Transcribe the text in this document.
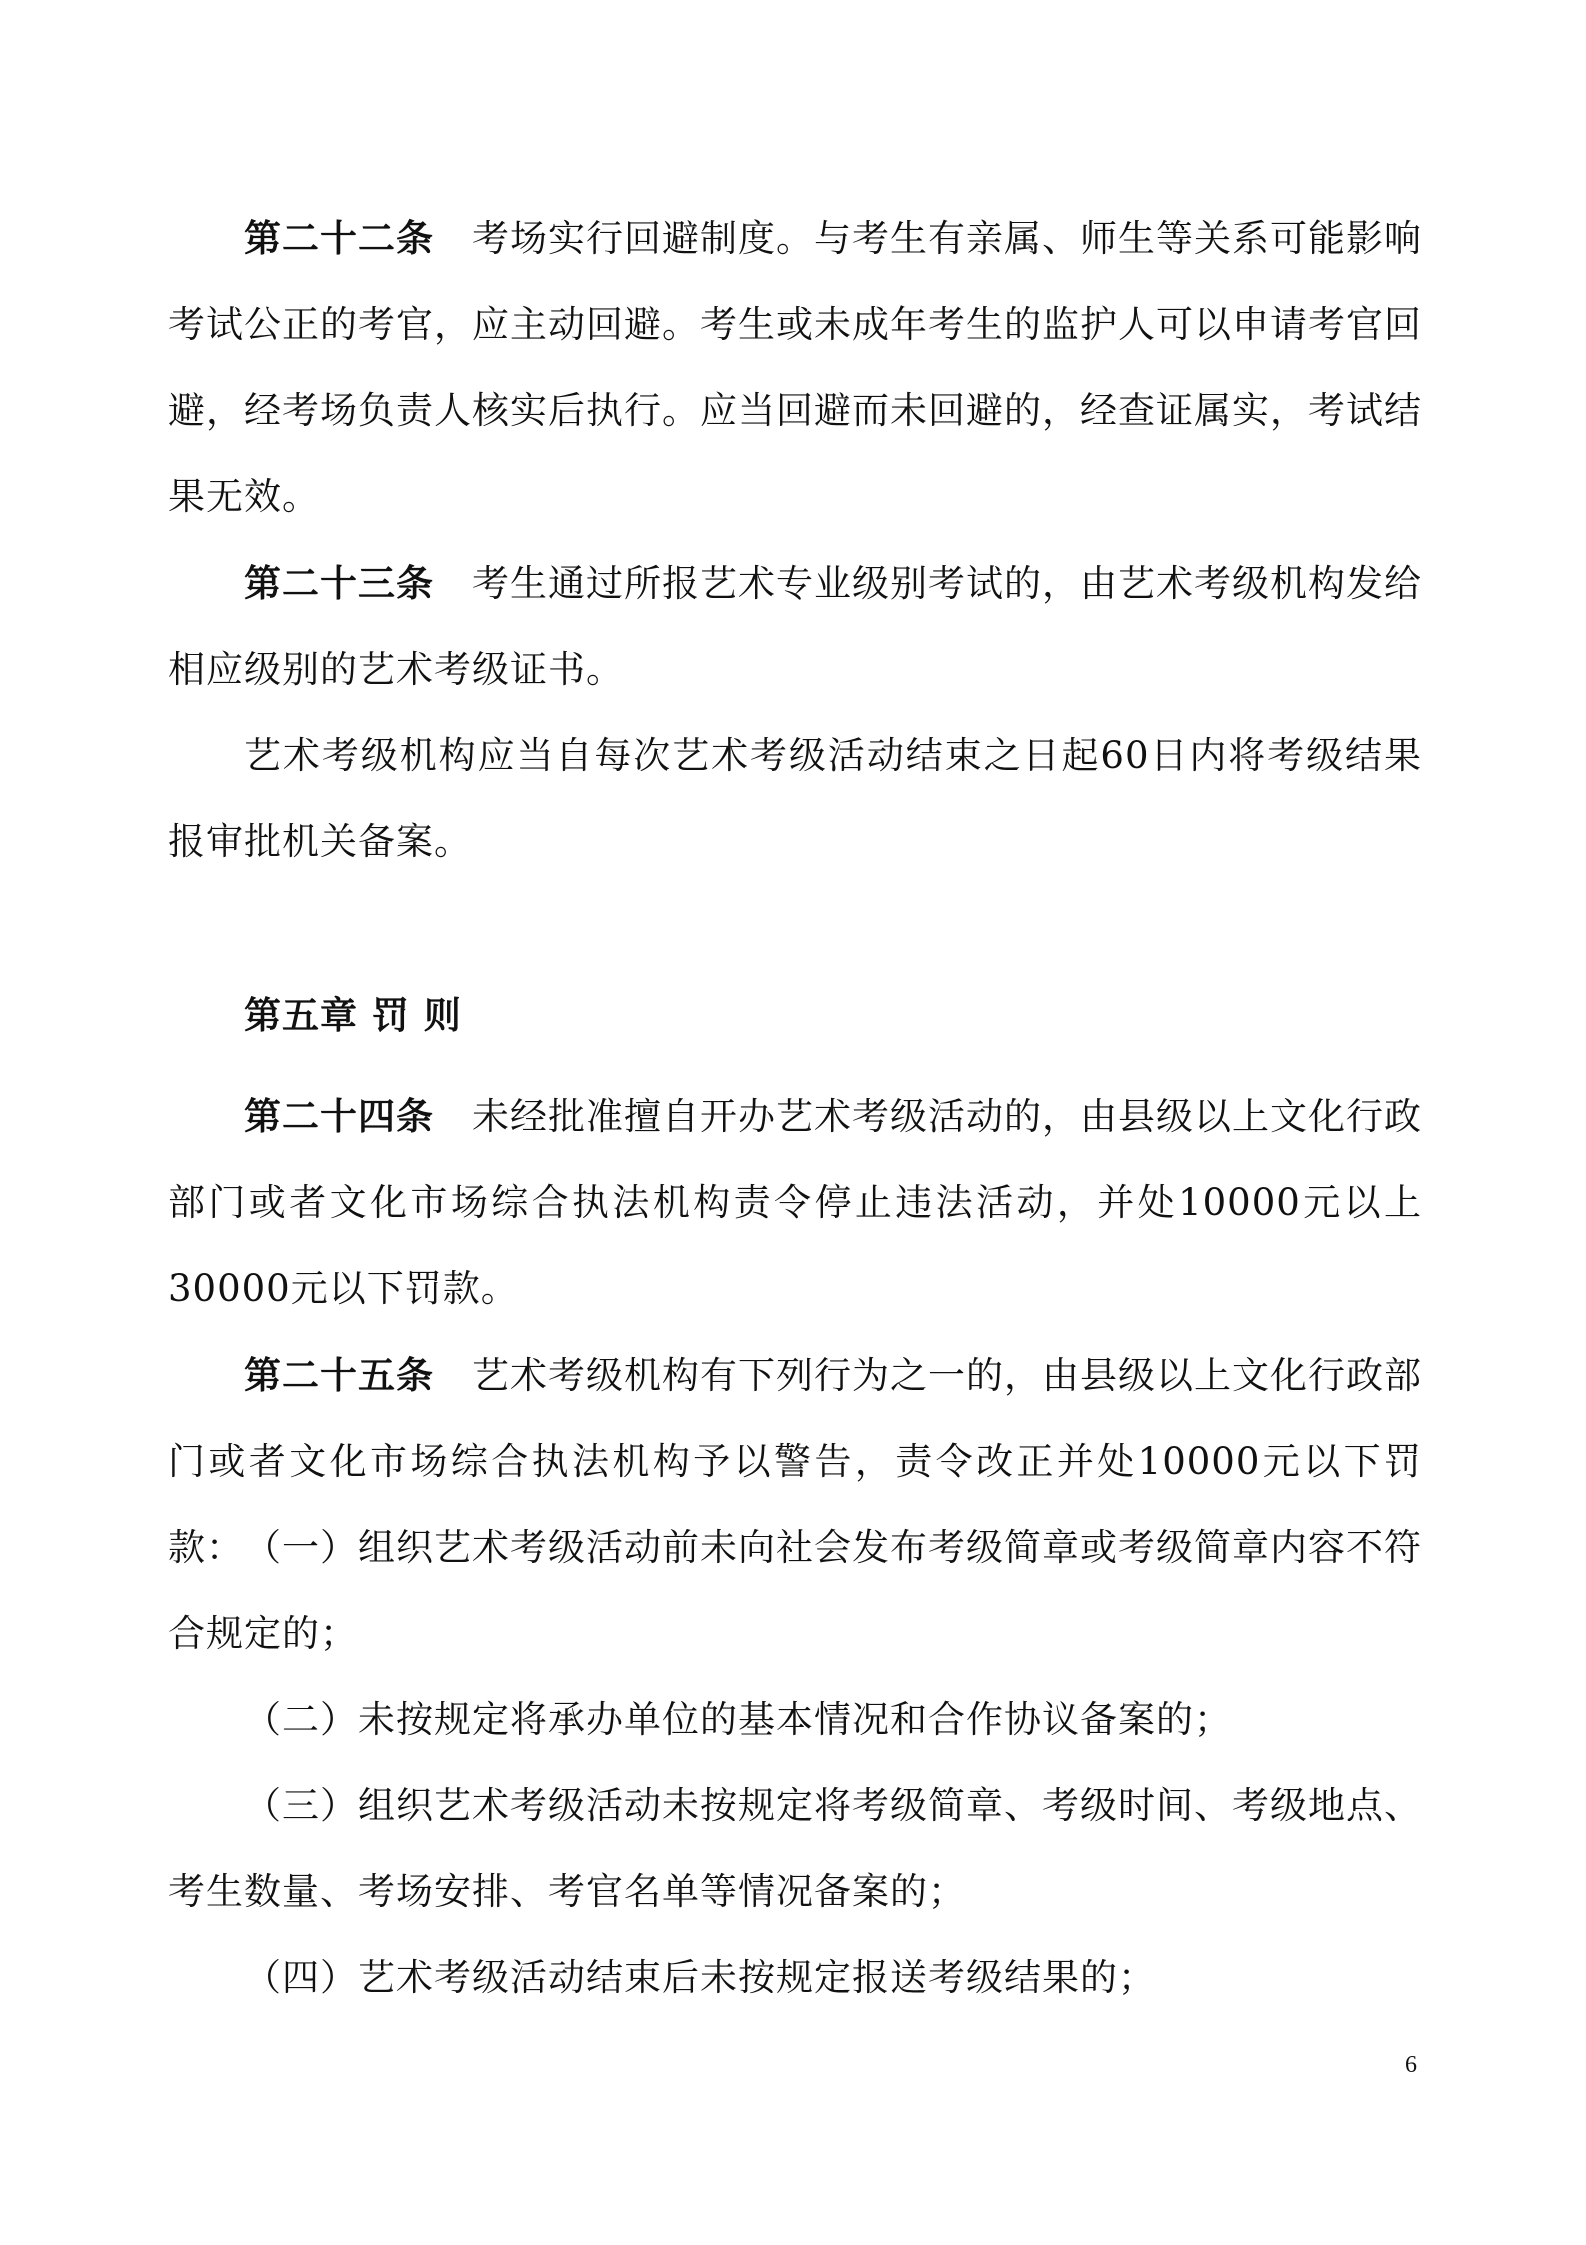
第二十二条 考场实行回避制度。与考生有亲属、师生等关系可能影响考试公正的考官，应主动回避。考生或未成年考生的监护人可以申请考官回避，经考场负责人核实后执行。应当回避而未回避的，经查证属实，考试结果无效。

第二十三条 考生通过所报艺术专业级别考试的，由艺术考级机构发给相应级别的艺术考级证书。

艺术考级机构应当自每次艺术考级活动结束之日起60日内将考级结果报审批机关备案。

第五章 罚 则

第二十四条 未经批准擅自开办艺术考级活动的，由县级以上文化行政部门或者文化市场综合执法机构责令停止违法活动，并处10000元以上30000元以下罚款。

第二十五条 艺术考级机构有下列行为之一的，由县级以上文化行政部门或者文化市场综合执法机构予以警告，责令改正并处10000元以下罚款： （一）组织艺术考级活动前未向社会发布考级简章或考级简章内容不符合规定的；

（二）未按规定将承办单位的基本情况和合作协议备案的；

（三）组织艺术考级活动未按规定将考级简章、考级时间、考级地点、考生数量、考场安排、考官名单等情况备案的；

（四）艺术考级活动结束后未按规定报送考级结果的；

6
